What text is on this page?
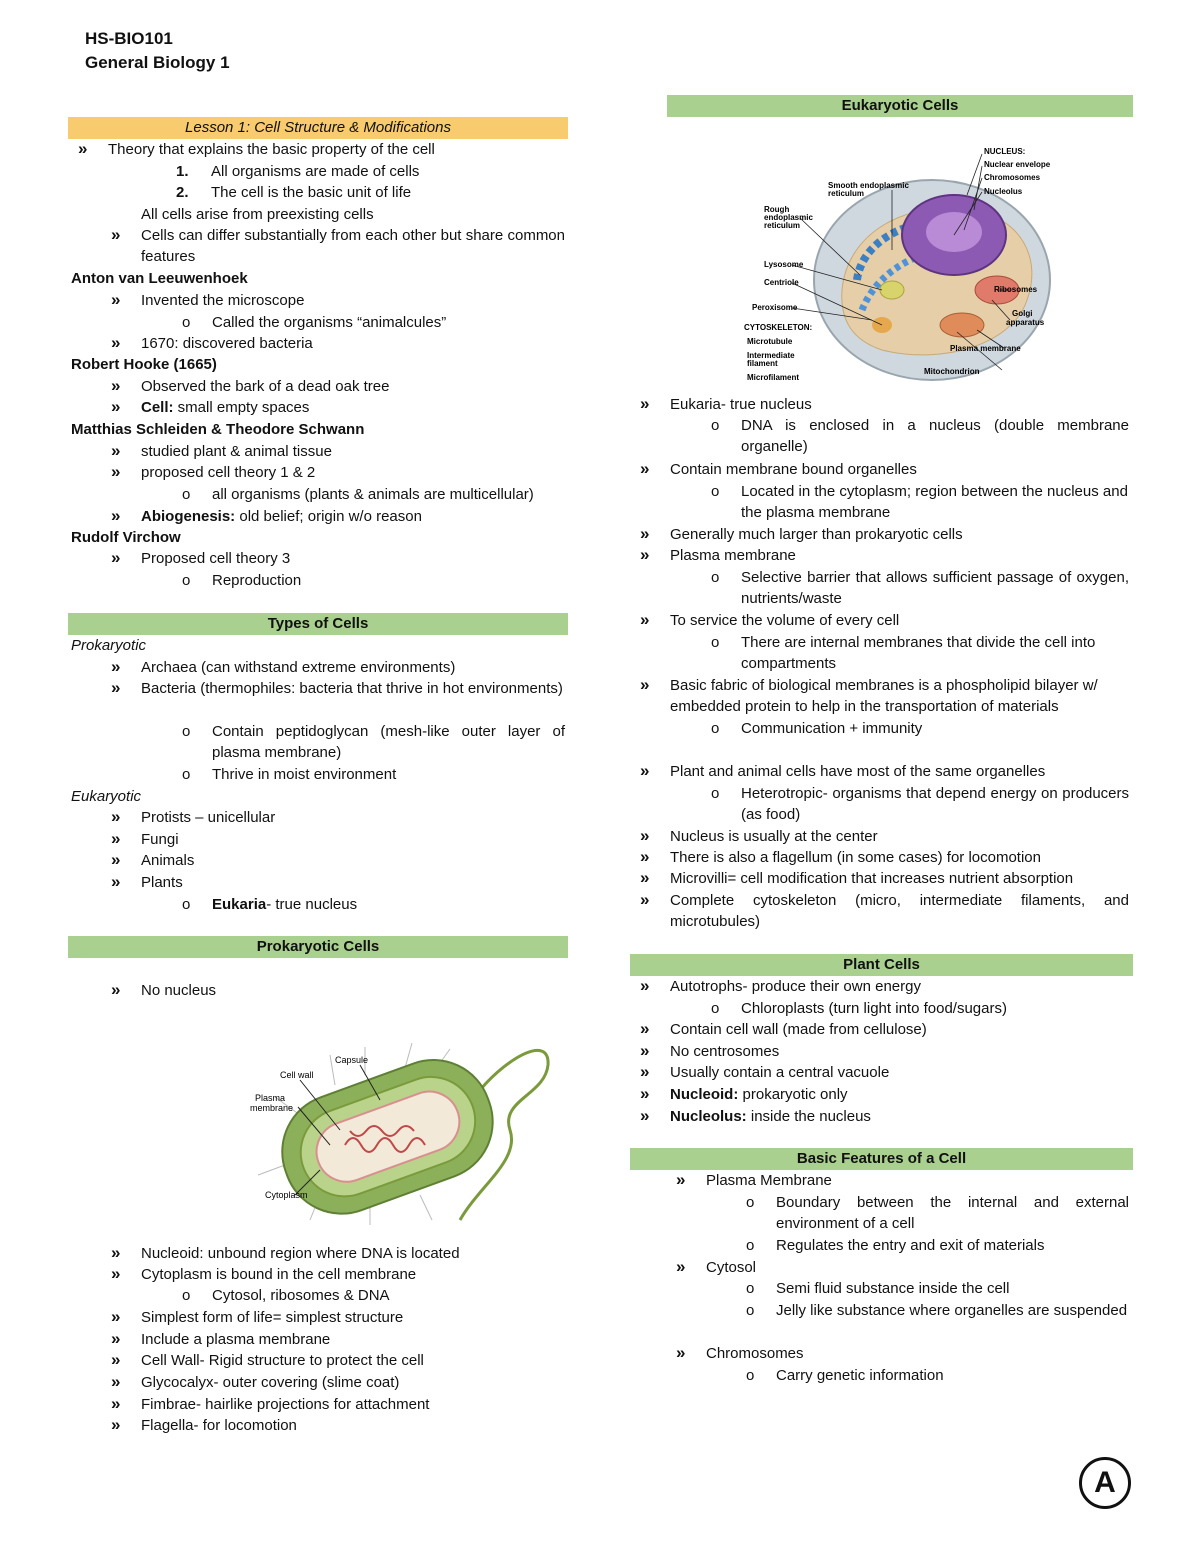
HS-BIO101
General Biology 1
Lesson 1: Cell Structure & Modifications
» Theory that explains the basic property of the cell
1. All organisms are made of cells
2. The cell is the basic unit of life
All cells arise from preexisting cells
» Cells can differ substantially from each other but share common features
Anton van Leeuwenhoek
» Invented the microscope
o Called the organisms “animalcules”
» 1670: discovered bacteria
Robert Hooke (1665)
» Observed the bark of a dead oak tree
» Cell: small empty spaces
Matthias Schleiden & Theodore Schwann
» studied plant & animal tissue
» proposed cell theory 1 & 2
o all organisms (plants & animals are multicellular)
» Abiogenesis: old belief; origin w/o reason
Rudolf Virchow
» Proposed cell theory 3
o Reproduction
Types of Cells
Prokaryotic
» Archaea (can withstand extreme environments)
» Bacteria (thermophiles: bacteria that thrive in hot environments)
o Contain peptidoglycan (mesh-like outer layer of plasma membrane)
o Thrive in moist environment
Eukaryotic
» Protists – unicellular
» Fungi
» Animals
» Plants
o Eukaria- true nucleus
Prokaryotic Cells
» No nucleus
Capsule
Cell wall
Plasma
membrane
Cytoplasm
» Nucleoid: unbound region where DNA is located
» Cytoplasm is bound in the cell membrane
o Cytosol, ribosomes & DNA
» Simplest form of life= simplest structure
» Include a plasma membrane
» Cell Wall- Rigid structure to protect the cell
» Glycocalyx- outer covering (slime coat)
» Fimbrae- hairlike projections for attachment
» Flagella- for locomotion
Eukaryotic Cells
NUCLEUS:
Nuclear envelope
Chromosomes
Nucleolus
Smooth endoplasmic
reticulum
Rough
endoplasmic
reticulum
Lysosome
Centriole
Peroxisome
CYTOSKELETON:
Microtubule
Intermediate
filament
Microfilament
Ribosomes
Golgi
apparatus
Plasma membrane
Mitochondrion
» Eukaria- true nucleus
o DNA is enclosed in a nucleus (double membrane organelle)
» Contain membrane bound organelles
o Located in the cytoplasm; region between the nucleus and the plasma membrane
» Generally much larger than prokaryotic cells
» Plasma membrane
o Selective barrier that allows sufficient passage of oxygen, nutrients/waste
» To service the volume of every cell
o There are internal membranes that divide the cell into compartments
» Basic fabric of biological membranes is a phospholipid bilayer w/ embedded protein to help in the transportation of materials
o Communication + immunity
» Plant and animal cells have most of the same organelles
o Heterotropic- organisms that depend energy on producers (as food)
» Nucleus is usually at the center
» There is also a flagellum (in some cases) for locomotion
» Microvilli= cell modification that increases nutrient absorption
» Complete cytoskeleton (micro, intermediate filaments, and microtubules)
Plant Cells
» Autotrophs- produce their own energy
o Chloroplasts (turn light into food/sugars)
» Contain cell wall (made from cellulose)
» No centrosomes
» Usually contain a central vacuole
» Nucleoid: prokaryotic only
» Nucleolus: inside the nucleus
Basic Features of a Cell
» Plasma Membrane
o Boundary between the internal and external environment of a cell
o Regulates the entry and exit of materials
» Cytosol
o Semi fluid substance inside the cell
o Jelly like substance where organelles are suspended
» Chromosomes
o Carry genetic information
A
